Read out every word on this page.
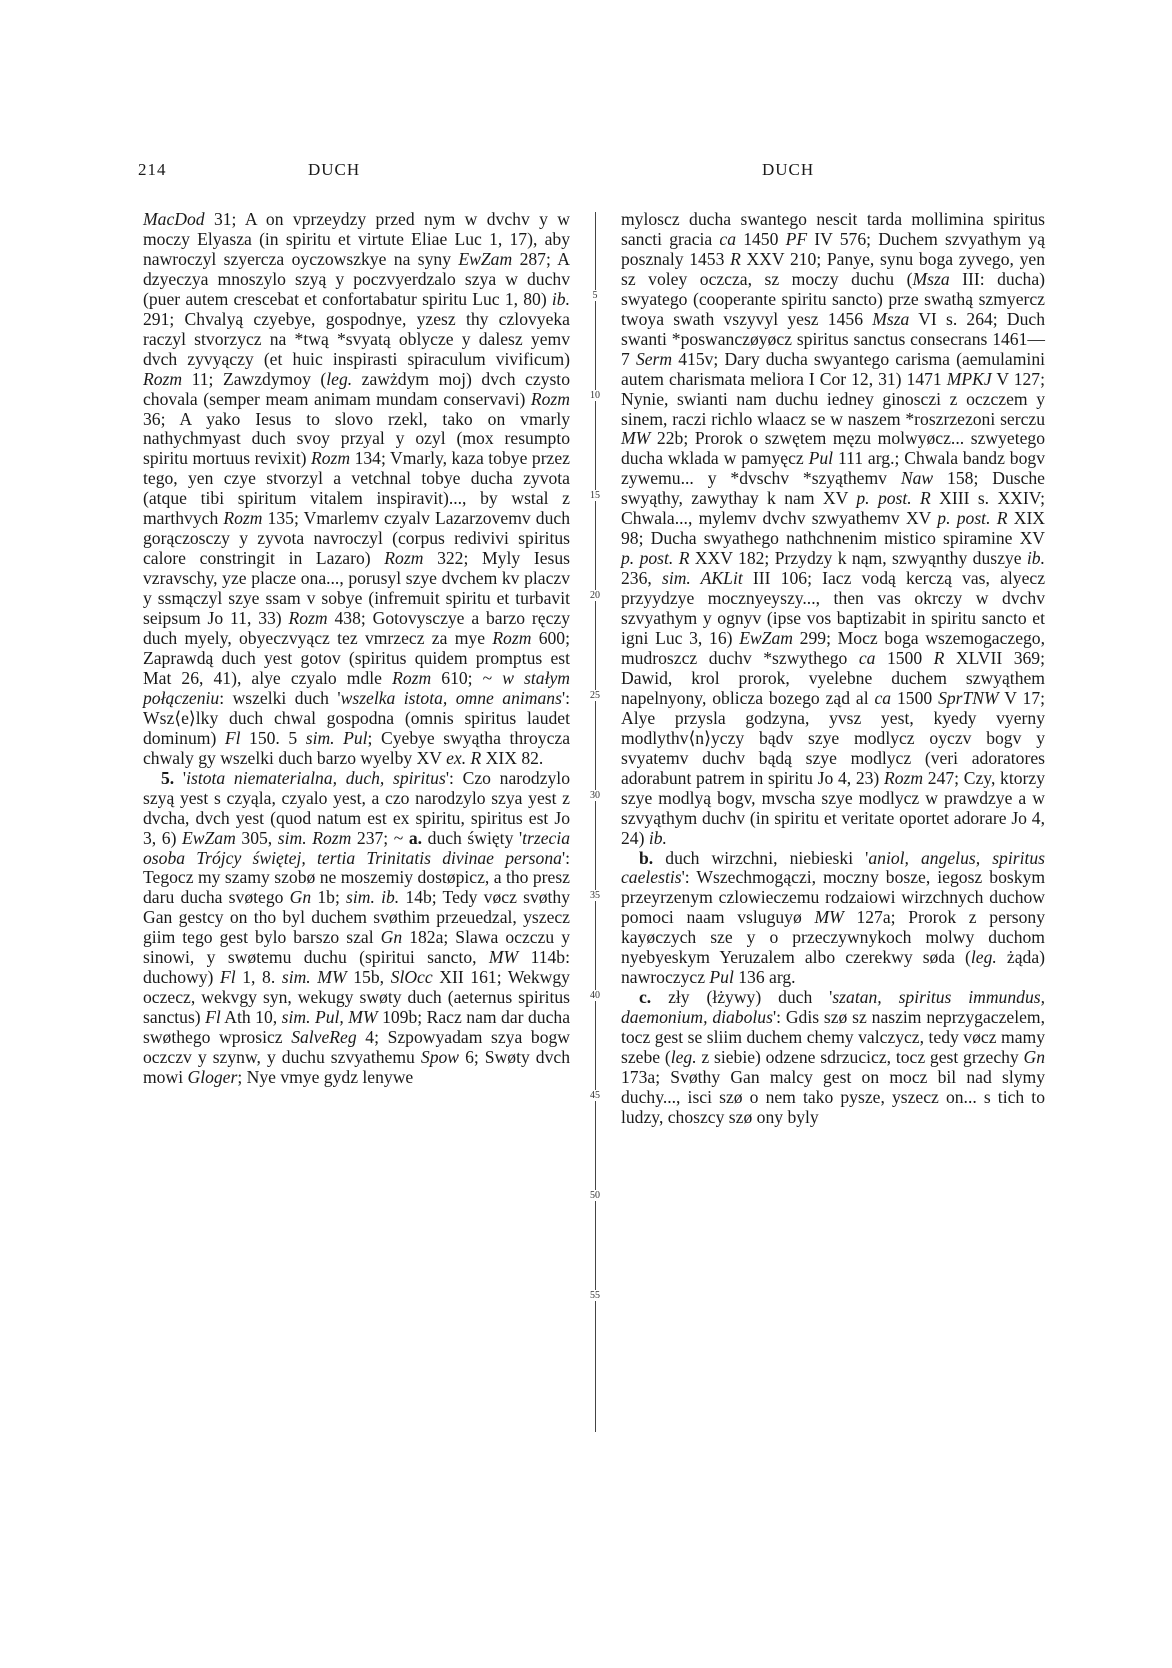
214	DUCH	DUCH

MacDod 31; A on vprzeydzy przed nym w dvchv y w moczy Elyasza (in spiritu et virtute Eliae Luc 1, 17), aby nawroczyl szyercza oyczowszkye na syny EwZam 287; A dzyeczya mnoszylo szyą y poczvyerdzalo szya w duchv (puer autem crescebat et confortabatur spiritu Luc 1, 80) ib. 291; Chvalyą czyebye, gospodnye, yzesz thy czlovyeka raczyl stvorzycz na *twą *svyatą oblycze y dalesz yemv dvch zyvyączy (et huic inspirasti spiraculum vivificum) Rozm 11; Zawzdymoy (leg. zawżdym moj) dvch czysto chovala (semper meam animam mundam conservavi) Rozm 36; A yako Iesus to slovo rzekl, tako on vmarly nathychmyast duch svoy przyal y ozyl (mox resumpto spiritu mortuus revixit) Rozm 134; Vmarly, kaza tobye przez tego, yen czye stvorzyl a vetchnal tobye ducha zyvota (atque tibi spiritum vitalem inspiravit)..., by wstal z marthvych Rozm 135; Vmarlemv czyalv Lazarzovemv duch gorączosczy y zyvota navroczyl (corpus redivivi spiritus calore constringit in Lazaro) Rozm 322; Myly Iesus vzravschy, yze placze ona..., porusyl szye dvchem kv placzv y ssmączyl szye ssam v sobye (infremuit spiritu et turbavit seipsum Jo 11, 33) Rozm 438; Gotovysczye a barzo ręczy duch myely, obyeczvyącz tez vmrzecz za mye Rozm 600; Zaprawdą duch yest gotov (spiritus quidem promptus est Mat 26, 41), alye czyalo mdle Rozm 610; ~ w stałym połączeniu: wszelki duch 'wszelka istota, omne animans': Wsz⟨e⟩lky duch chwal gospodna (omnis spiritus laudet dominum) Fl 150. 5 sim. Pul; Cyebye swyątha throycza chwaly gy wszelki duch barzo wyelby XV ex. R XIX 82.

5. 'istota niematerialna, duch, spiritus': Czo narodzylo szyą yest s czyąla, czyalo yest, a czo narodzylo szya yest z dvcha, dvch yest (quod natum est ex spiritu, spiritus est Jo 3, 6) EwZam 305, sim. Rozm 237; ~ a. duch święty 'trzecia osoba Trójcy świętej, tertia Trinitatis divinae persona': Tegocz my szamy szobø ne moszemiy dostøpicz, a tho presz daru ducha svøtego Gn 1b; sim. ib. 14b; Tedy vøcz svøthy Gan gestcy on tho byl duchem svøthim przeuedzal, yszecz giim tego gest bylo barszo szal Gn 182a; Slawa oczczu y sinowi, y swøtemu duchu (spiritui sancto, MW 114b: duchowy) Fl 1, 8. sim. MW 15b, SlOcc XII 161; Wekwgy oczecz, wekvgy syn, wekugy swøty duch (aeternus spiritus sanctus) Fl Ath 10, sim. Pul, MW 109b; Racz nam dar ducha swøthego wprosicz SalveReg 4; Szpowyadam szya bogw oczczv y szynw, y duchu szvyathemu Spow 6; Swøty dvch mowi Gloger; Nye vmye gydz lenywe

5
10
15
20
25
30
35
40
45
50
55

myloscz ducha swantego nescit tarda mollimina spiritus sancti gracia ca 1450 PF IV 576; Duchem szvyathym yą posznaly 1453 R XXV 210; Panye, synu boga zyvego, yen sz voley oczcza, sz moczy duchu (Msza III: ducha) swyatego (cooperante spiritu sancto) prze swathą szmyercz twoya swath vszyvyl yesz 1456 Msza VI s. 264; Duch swanti *poswanczøyøcz spiritus sanctus consecrans 1461—7 Serm 415v; Dary ducha swyantego carisma (aemulamini autem charismata meliora I Cor 12, 31) 1471 MPKJ V 127; Nynie, swianti nam duchu iedney ginosczi z oczczem y sinem, raczi richlo wlaacz se w naszem *roszrzezoni serczu MW 22b; Prorok o szwętem męzu molwyøcz... szwyetego ducha wklada w pamyęcz Pul 111 arg.; Chwala bandz bogv zywemu... y *dvschv *szyąthemv Naw 158; Dusche swyąthy, zawythay k nam XV p. post. R XIII s. XXIV; Chwala..., mylemv dvchv szwyathemv XV p. post. R XIX 98; Ducha swyathego nathchnenim mistico spiramine XV p. post. R XXV 182; Przydzy k nąm, szwyąnthy duszye ib. 236, sim. AKLit III 106; Iacz vodą kerczą vas, alyecz przyydzye mocznyeyszy..., then vas okrczy w dvchv szvyathym y ognyv (ipse vos baptizabit in spiritu sancto et igni Luc 3, 16) EwZam 299; Mocz boga wszemogaczego, mudroszcz duchv *szwythego ca 1500 R XLVII 369; Dawid, krol prorok, vyelebne duchem szwyąthem napelnyony, oblicza bozego ząd al ca 1500 SprTNW V 17; Alye przysla godzyna, yvsz yest, kyedy vyerny modlythv⟨n⟩yczy bądv szye modlycz oyczv bogv y svyatemv duchv bądą szye modlycz (veri adoratores adorabunt patrem in spiritu Jo 4, 23) Rozm 247; Czy, ktorzy szye modlyą bogv, mvscha szye modlycz w prawdzye a w szvyąthym duchv (in spiritu et veritate oportet adorare Jo 4, 24) ib.

b. duch wirzchni, niebieski 'aniol, angelus, spiritus caelestis': Wszechmogączi, moczny bosze, iegosz boskym przeyrzenym czlowieczemu rodzaiowi wirzchnych duchow pomoci naam vsluguyø MW 127a; Prorok z persony kayøczych sze y o przeczywnykoch molwy duchom nyebyeskym Yeruzalem albo czerekwy søda (leg. żąda) nawroczycz Pul 136 arg.

c. zły (łżywy) duch 'szatan, spiritus immundus, daemonium, diabolus': Gdis szø sz naszim neprzygaczelem, tocz gest se sliim duchem chemy valczycz, tedy vøcz mamy szebe (leg. z siebie) odzene sdrzucicz, tocz gest grzechy Gn 173a; Svøthy Gan malcy gest on mocz bil nad slymy duchy..., isci szø o nem tako pysze, yszecz on... s tich to ludzy, choszcy szø ony byly
